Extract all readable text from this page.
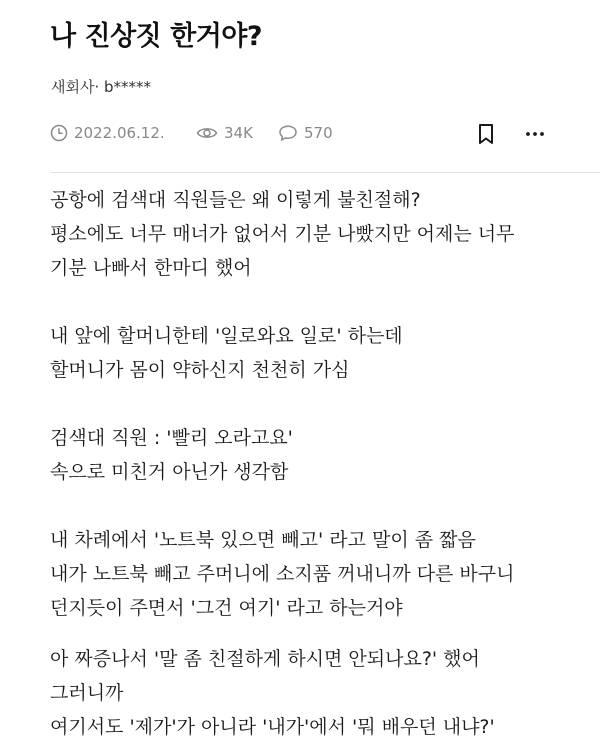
나 진상짓 한거야?
새회사· b*****
2022.06.12.	34K	570
공항에 검색대 직원들은 왜 이렇게 불친절해?
평소에도 너무 매너가 없어서 기분 나빴지만 어제는 너무
기분 나빠서 한마디 했어
내 앞에 할머니한테 '일로와요 일로' 하는데
할머니가 몸이 약하신지 천천히 가심
검색대 직원 : '빨리 오라고요'
속으로 미친거 아닌가 생각함
내 차례에서 '노트북 있으면 빼고' 라고 말이 좀 짧음
내가 노트북 빼고 주머니에 소지품 꺼내니까 다른 바구니
던지듯이 주면서 '그건 여기' 라고 하는거야
아 짜증나서 '말 좀 친절하게 하시면 안되나요?' 했어
그러니까
여기서도 '제가'가 아니라 '내가'에서 '뭐 배우던 내냐?'
